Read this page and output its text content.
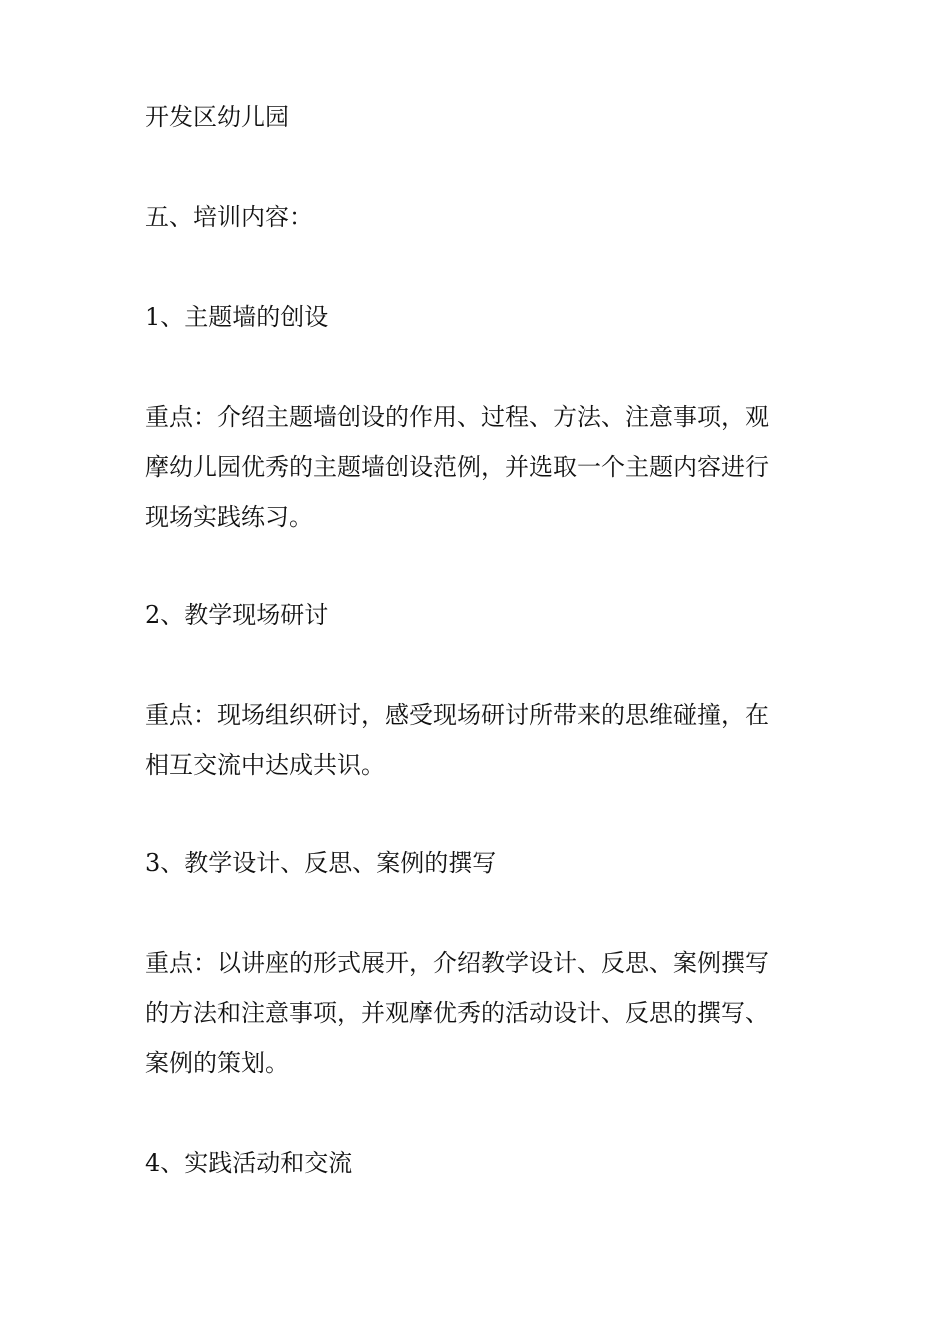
开发区幼儿园

五、培训内容：

1、主题墙的创设

重点：介绍主题墙创设的作用、过程、方法、注意事项，观
摩幼儿园优秀的主题墙创设范例，并选取一个主题内容进行
现场实践练习。

2、教学现场研讨

重点：现场组织研讨，感受现场研讨所带来的思维碰撞，在
相互交流中达成共识。

3、教学设计、反思、案例的撰写

重点：以讲座的形式展开，介绍教学设计、反思、案例撰写
的方法和注意事项，并观摩优秀的活动设计、反思的撰写、
案例的策划。

4、实践活动和交流
